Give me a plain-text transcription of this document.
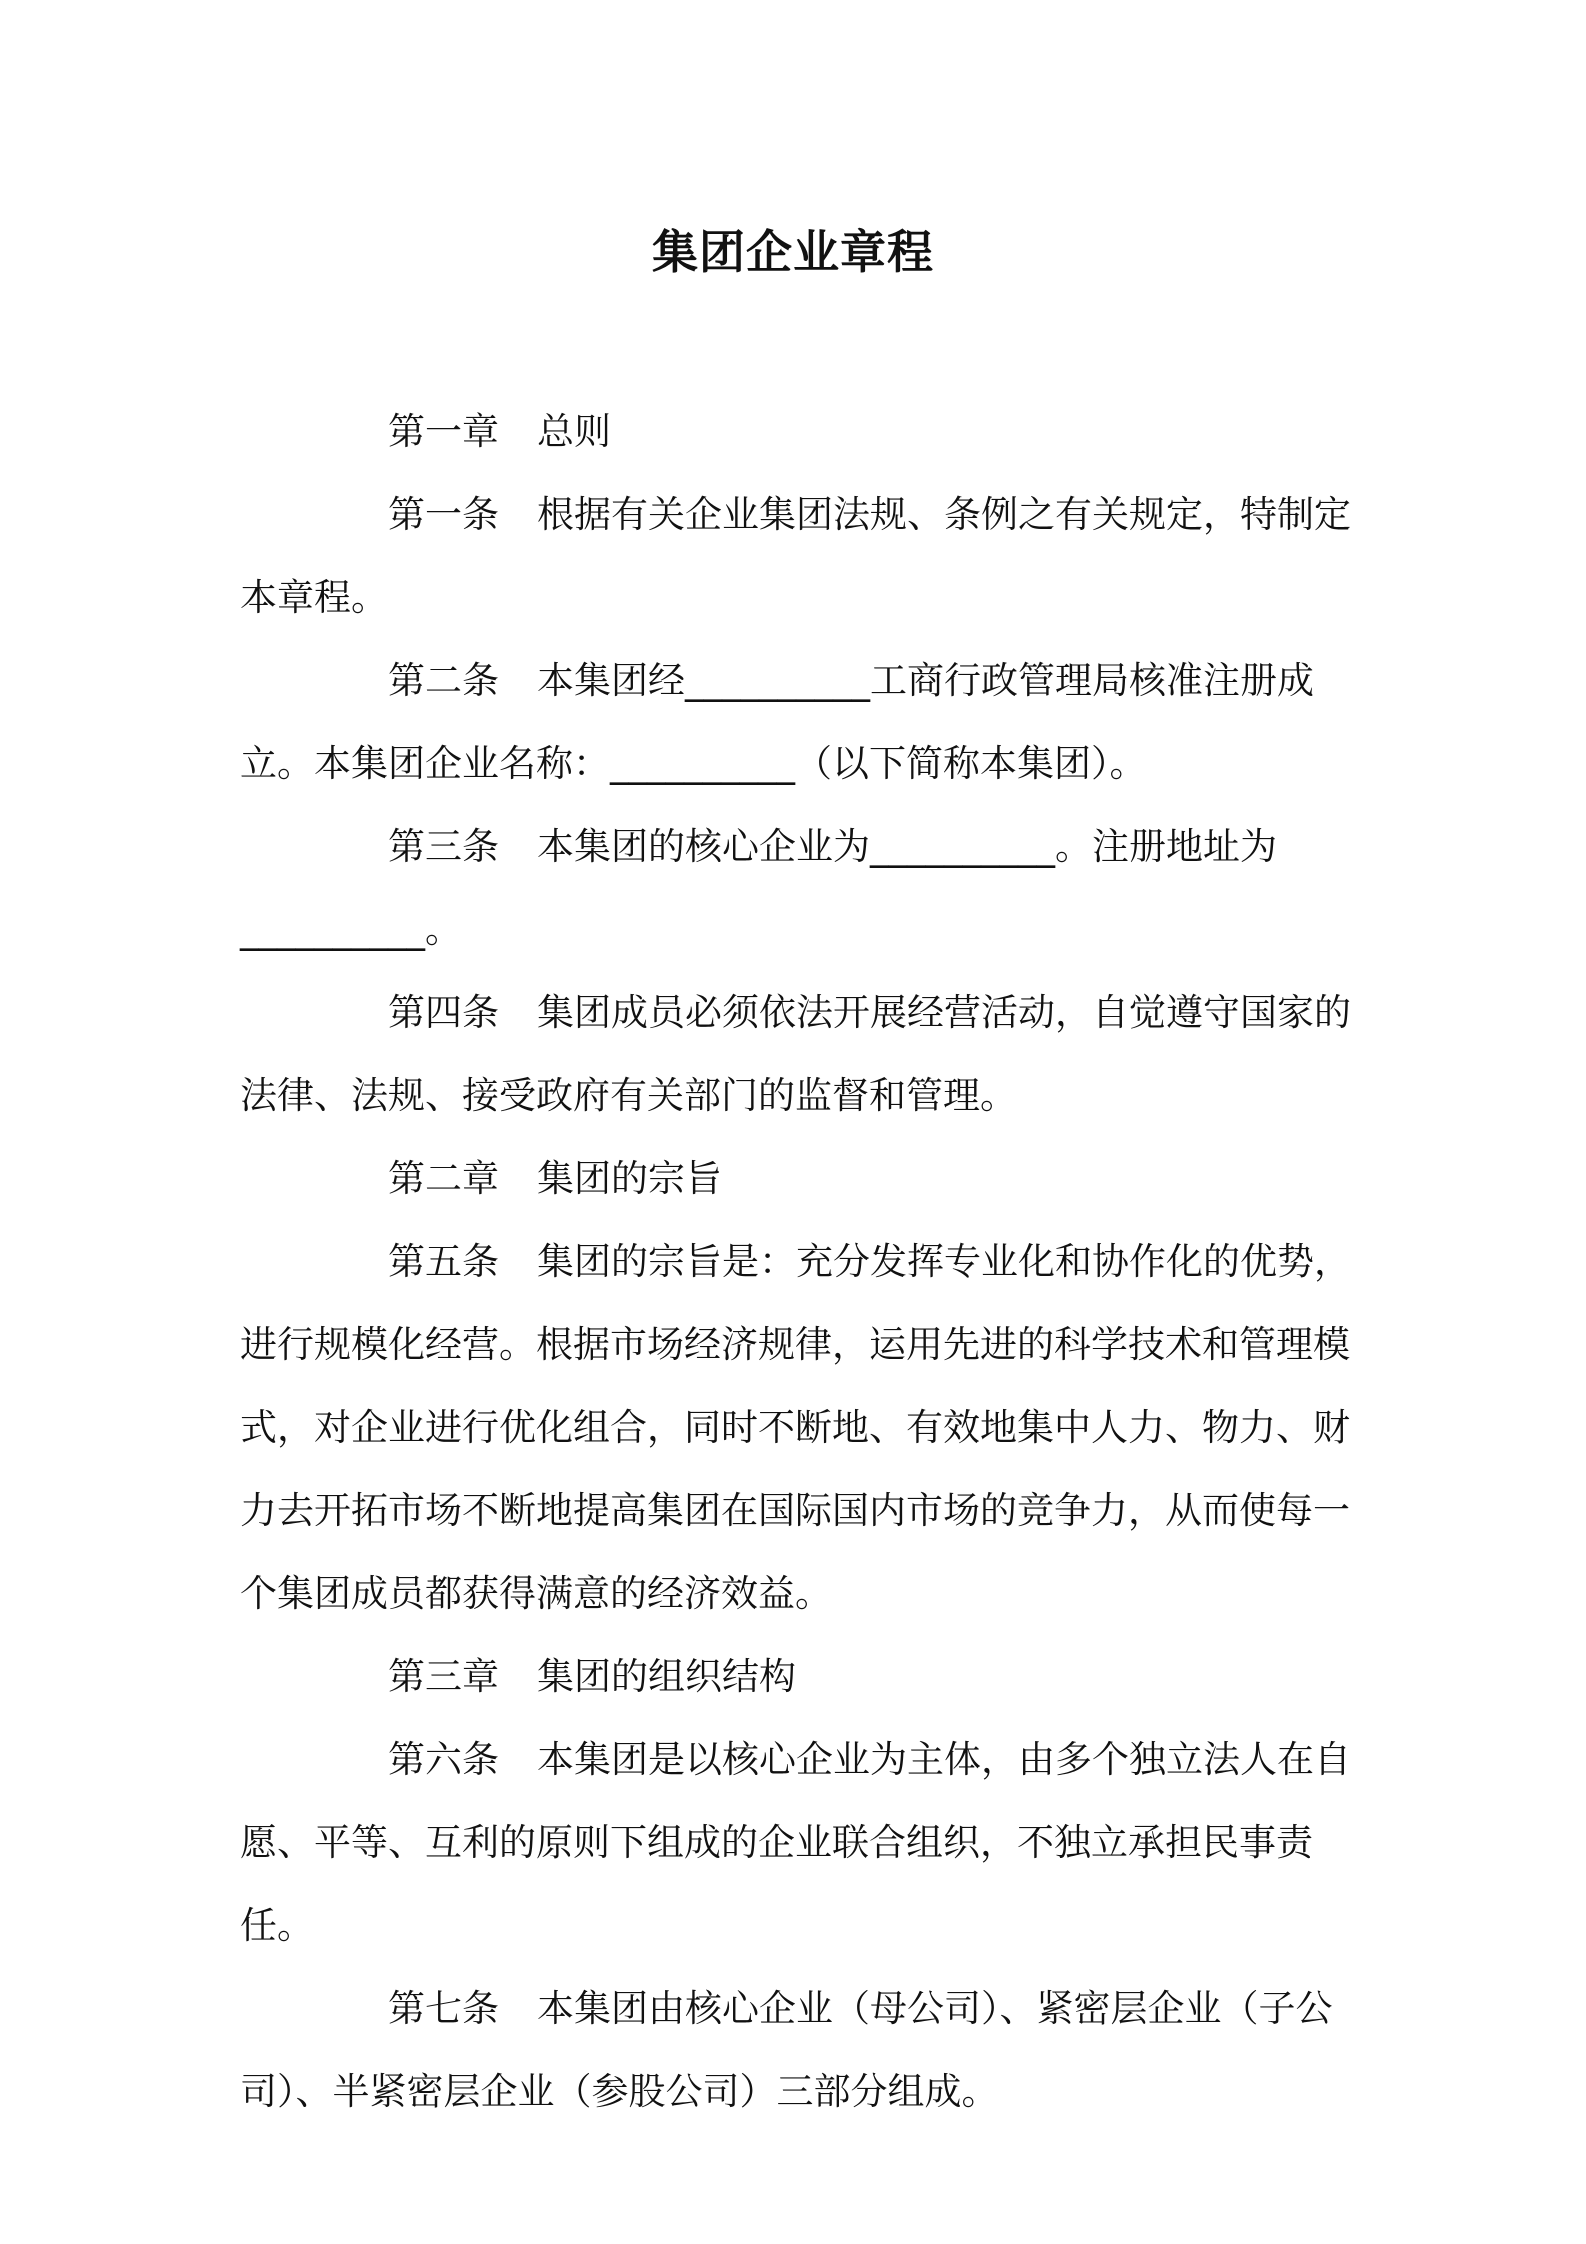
集团企业章程

第一章 总则

第一条 根据有关企业集团法规、条例之有关规定，特制定本章程。

第二条 本集团经__________工商行政管理局核准注册成立。本集团企业名称：__________（以下简称本集团）。

第三条 本集团的核心企业为__________。注册地址为__________。

第四条 集团成员必须依法开展经营活动，自觉遵守国家的法律、法规、接受政府有关部门的监督和管理。

第二章 集团的宗旨

第五条 集团的宗旨是：充分发挥专业化和协作化的优势，进行规模化经营。根据市场经济规律，运用先进的科学技术和管理模式，对企业进行优化组合，同时不断地、有效地集中人力、物力、财力去开拓市场不断地提高集团在国际国内市场的竞争力，从而使每一个集团成员都获得满意的经济效益。

第三章 集团的组织结构

第六条 本集团是以核心企业为主体，由多个独立法人在自愿、平等、互利的原则下组成的企业联合组织，不独立承担民事责任。

第七条 本集团由核心企业（母公司）、紧密层企业（子公司）、半紧密层企业（参股公司）三部分组成。
